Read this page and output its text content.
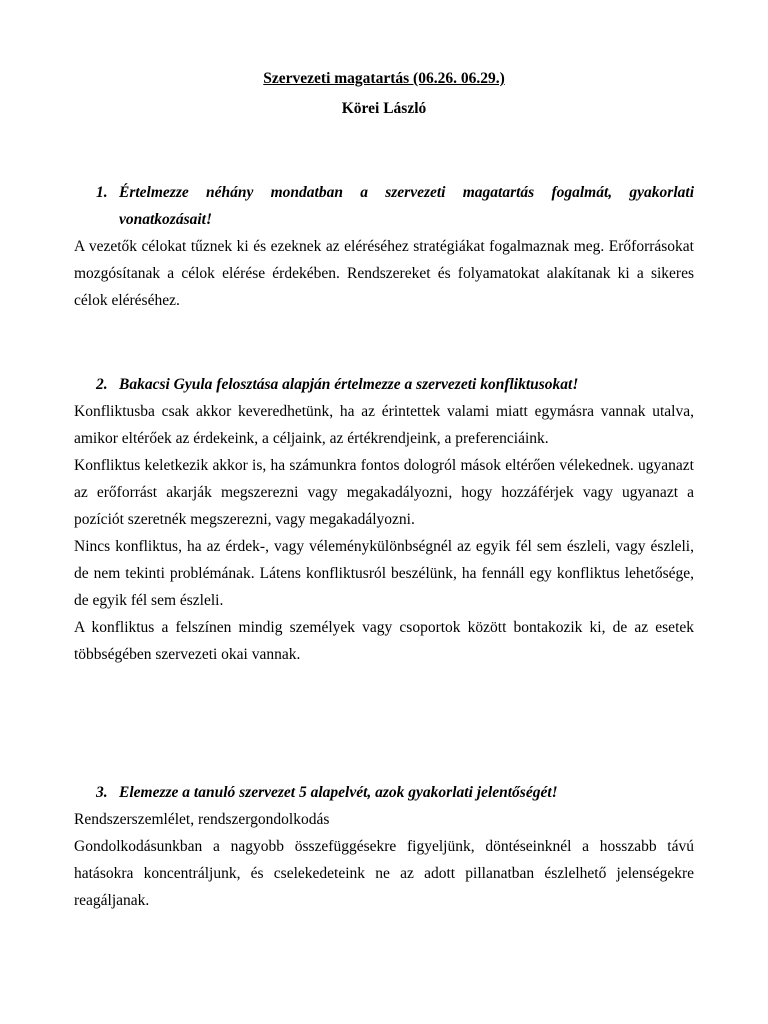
Szervezeti magatartás (06.26. 06.29.)
Körei László
1. Értelmezze néhány mondatban a szervezeti magatartás fogalmát, gyakorlati vonatkozásait!

A vezetők célokat tűznek ki és ezeknek az eléréséhez stratégiákat fogalmaznak meg. Erőforrásokat mozgósítanak a célok elérése érdekében. Rendszereket és folyamatokat alakítanak ki a sikeres célok eléréséhez.

2. Bakacsi Gyula felosztása alapján értelmezze a szervezeti konfliktusokat!

Konfliktusba csak akkor keveredhetünk, ha az érintettek valami miatt egymásra vannak utalva, amikor eltérőek az érdekeink, a céljaink, az értékrendjeink, a preferenciáink.

Konfliktus keletkezik akkor is, ha számunkra fontos dologról mások eltérően vélekednek. ugyanazt az erőforrást akarják megszerezni vagy megakadályozni, hogy hozzáférjek vagy ugyanazt a pozíciót szeretnék megszerezni, vagy megakadályozni.

Nincs konfliktus, ha az érdek-, vagy véleménykülönbségnél az egyik fél sem észleli, vagy észleli, de nem tekinti problémának. Látens konfliktusról beszélünk, ha fennáll egy konfliktus lehetősége, de egyik fél sem észleli.

A konfliktus a felszínen mindig személyek vagy csoportok között bontakozik ki, de az esetek többségében szervezeti okai vannak.

3. Elemezze a tanuló szervezet 5 alapelvét, azok gyakorlati jelentőségét!

Rendszerszemlélet, rendszergondolkodás

Gondolkodásunkban a nagyobb összefüggésekre figyeljünk, döntéseinknél a hosszabb távú hatásokra koncentráljunk, és cselekedeteink ne az adott pillanatban észlelhető jelenségekre reagáljanak.
